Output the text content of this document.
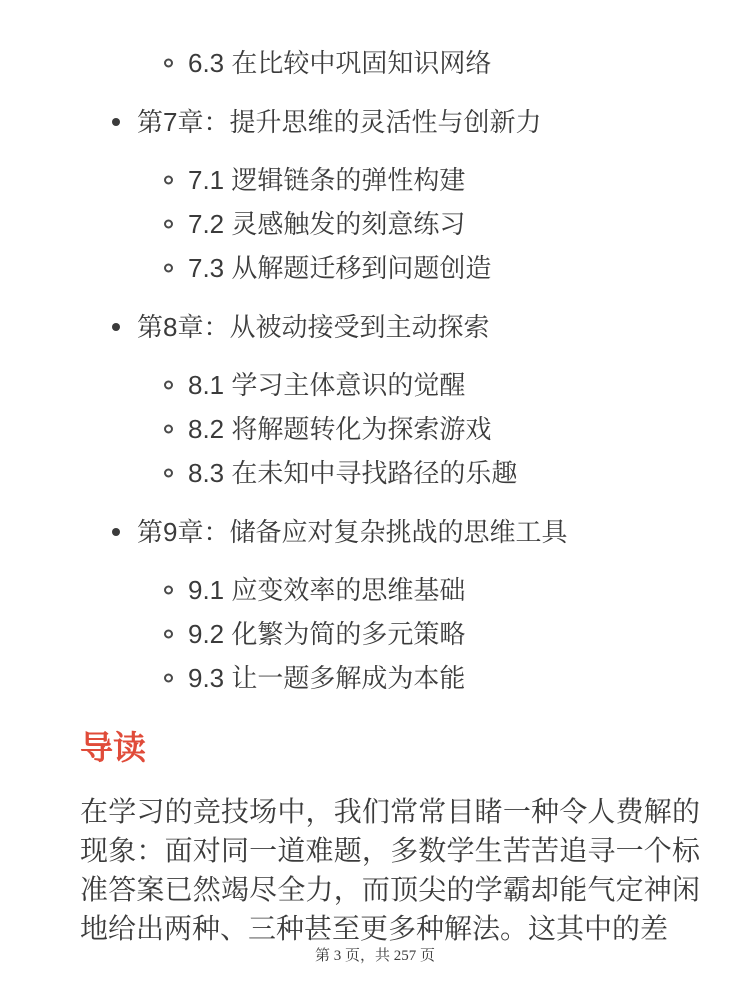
6.3 在比较中巩固知识网络
第7章：提升思维的灵活性与创新力
7.1 逻辑链条的弹性构建
7.2 灵感触发的刻意练习
7.3 从解题迁移到问题创造
第8章：从被动接受到主动探索
8.1 学习主体意识的觉醒
8.2 将解题转化为探索游戏
8.3 在未知中寻找路径的乐趣
第9章：储备应对复杂挑战的思维工具
9.1 应变效率的思维基础
9.2 化繁为简的多元策略
9.3 让一题多解成为本能
导读

在学习的竞技场中，我们常常目睹一种令人费解的现象：面对同一道难题，多数学生苦苦追寻一个标准答案已然竭尽全力，而顶尖的学霸却能气定神闲地给出两种、三种甚至更多种解法。这其中的差

第 3 页，共 257 页
